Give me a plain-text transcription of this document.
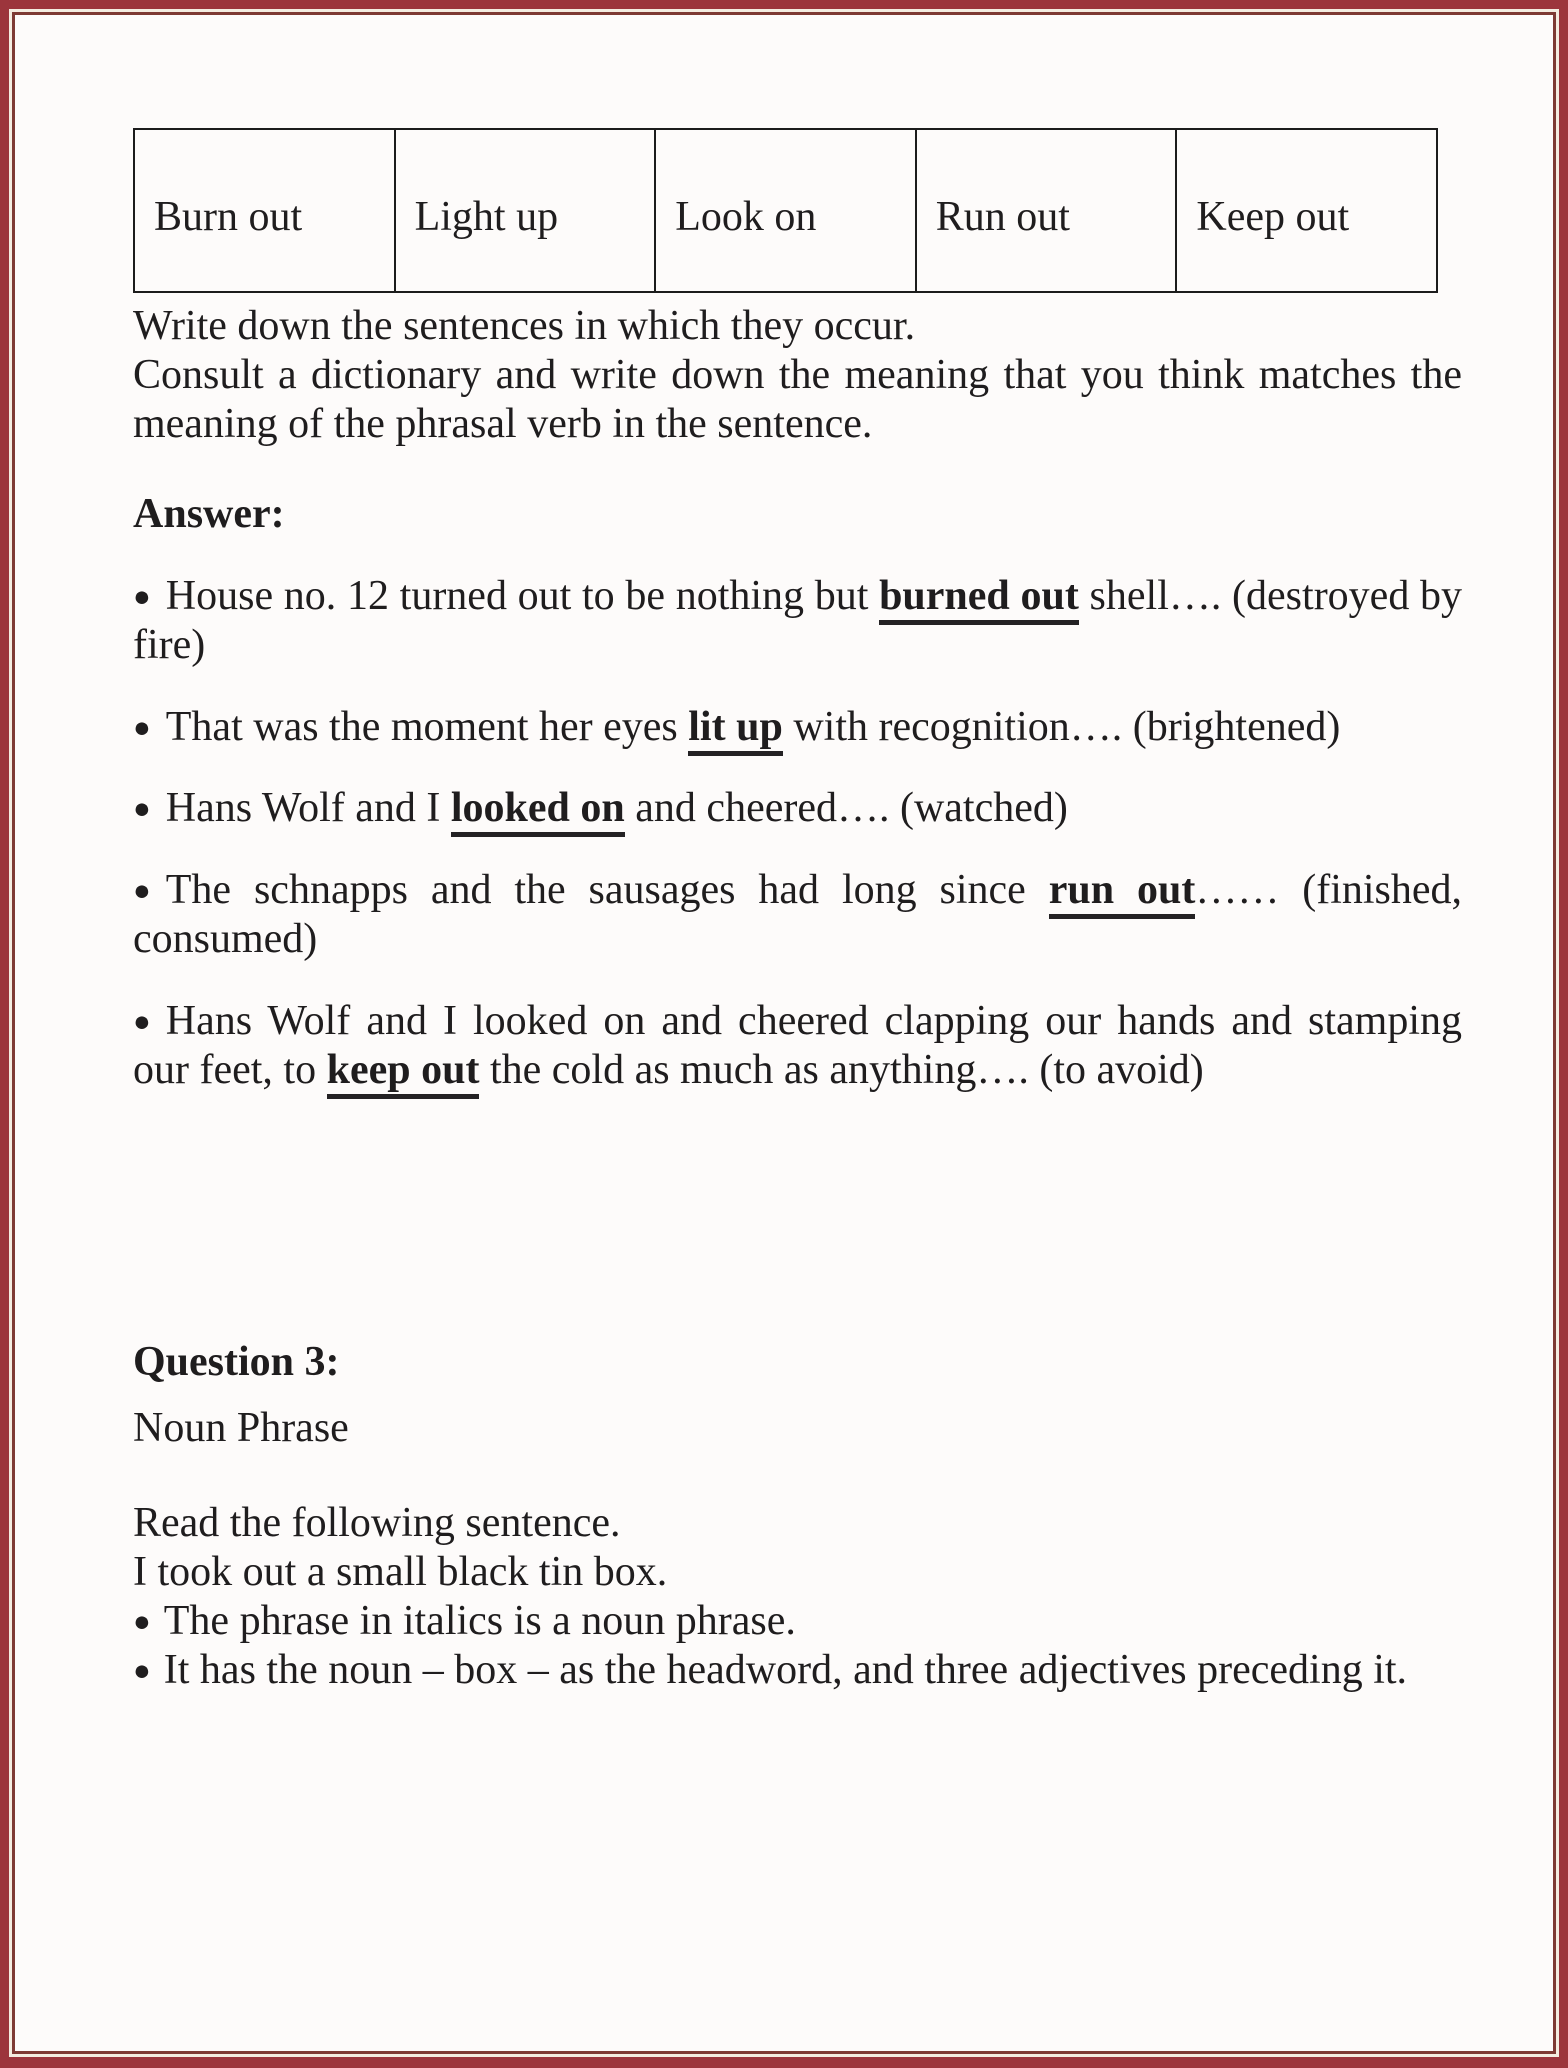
Burn out	Light up	Look on	Run out	Keep out

Write down the sentences in which they occur.

Consult a dictionary and write down the meaning that you think matches the meaning of the phrasal verb in the sentence.

Answer:

● House no. 12 turned out to be nothing but burned out shell…. (destroyed by fire)

● That was the moment her eyes lit up with recognition…. (brightened)

● Hans Wolf and I looked on and cheered…. (watched)

● The schnapps and the sausages had long since run out…… (finished, consumed)

● Hans Wolf and I looked on and cheered clapping our hands and stamping our feet, to keep out the cold as much as anything…. (to avoid)

Question 3:

Noun Phrase

Read the following sentence.

I took out a small black tin box.

● The phrase in italics is a noun phrase.

● It has the noun – box – as the headword, and three adjectives preceding it.
